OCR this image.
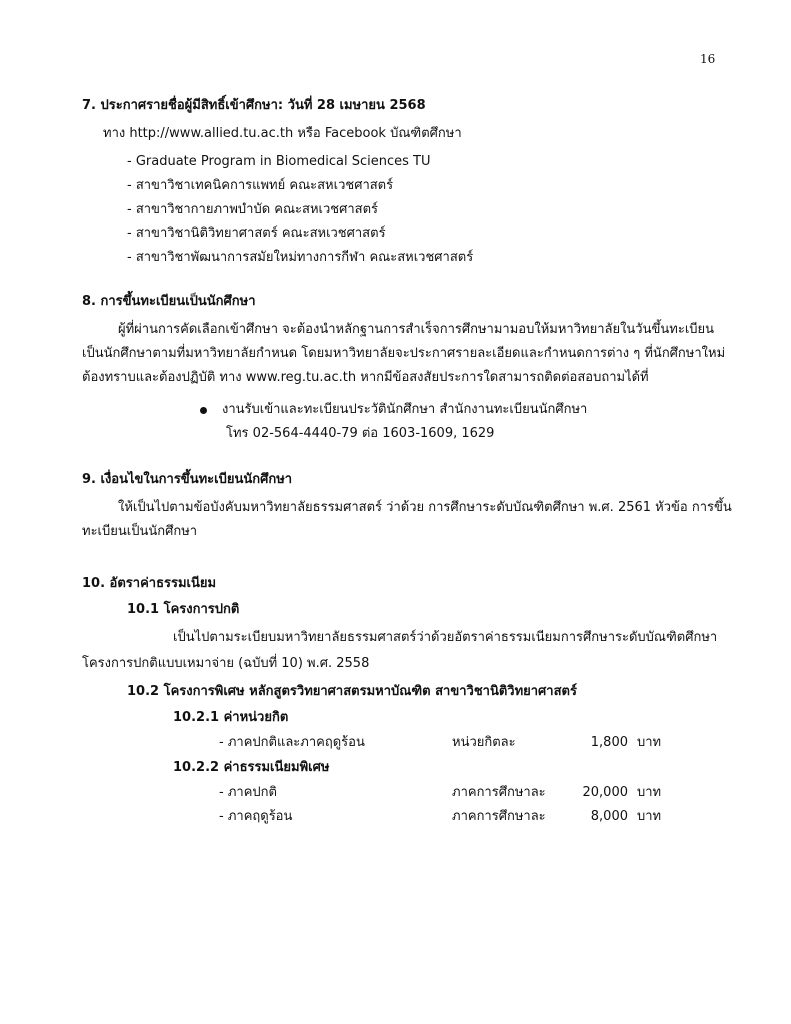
16
7. ประกาศรายชื่อผู้มีสิทธิ์เข้าศึกษา: วันที่ 28 เมษายน 2568
ทาง http://www.allied.tu.ac.th หรือ Facebook บัณฑิตศึกษา
- Graduate Program in Biomedical Sciences TU
- สาขาวิชาเทคนิคการแพทย์ คณะสหเวชศาสตร์
- สาขาวิชากายภาพบำบัด คณะสหเวชศาสตร์
- สาขาวิชานิติวิทยาศาสตร์ คณะสหเวชศาสตร์
- สาขาวิชาพัฒนาการสมัยใหม่ทางการกีฬา คณะสหเวชศาสตร์
8. การขึ้นทะเบียนเป็นนักศึกษา
ผู้ที่ผ่านการคัดเลือกเข้าศึกษา จะต้องนำหลักฐานการสำเร็จการศึกษามามอบให้มหาวิทยาลัยในวันขึ้นทะเบียน
เป็นนักศึกษาตามที่มหาวิทยาลัยกำหนด โดยมหาวิทยาลัยจะประกาศรายละเอียดและกำหนดการต่าง ๆ ที่นักศึกษาใหม่
ต้องทราบและต้องปฏิบัติ ทาง www.reg.tu.ac.th หากมีข้อสงสัยประการใดสามารถติดต่อสอบถามได้ที่
งานรับเข้าและทะเบียนประวัตินักศึกษา สำนักงานทะเบียนนักศึกษา
โทร 02-564-4440-79 ต่อ 1603-1609, 1629
9. เงื่อนไขในการขึ้นทะเบียนนักศึกษา
ให้เป็นไปตามข้อบังคับมหาวิทยาลัยธรรมศาสตร์ ว่าด้วย การศึกษาระดับบัณฑิตศึกษา พ.ศ. 2561 หัวข้อ การขึ้น
ทะเบียนเป็นนักศึกษา
10. อัตราค่าธรรมเนียม
10.1 โครงการปกติ
เป็นไปตามระเบียบมหาวิทยาลัยธรรมศาสตร์ว่าด้วยอัตราค่าธรรมเนียมการศึกษาระดับบัณฑิตศึกษา
โครงการปกติแบบเหมาจ่าย (ฉบับที่ 10) พ.ศ. 2558
10.2 โครงการพิเศษ หลักสูตรวิทยาศาสตรมหาบัณฑิต สาขาวิชานิติวิทยาศาสตร์
10.2.1 ค่าหน่วยกิต
- ภาคปกติและภาคฤดูร้อน	หน่วยกิตละ	1,800 บาท
10.2.2 ค่าธรรมเนียมพิเศษ
- ภาคปกติ	ภาคการศึกษาละ	20,000 บาท
- ภาคฤดูร้อน	ภาคการศึกษาละ	8,000 บาท
